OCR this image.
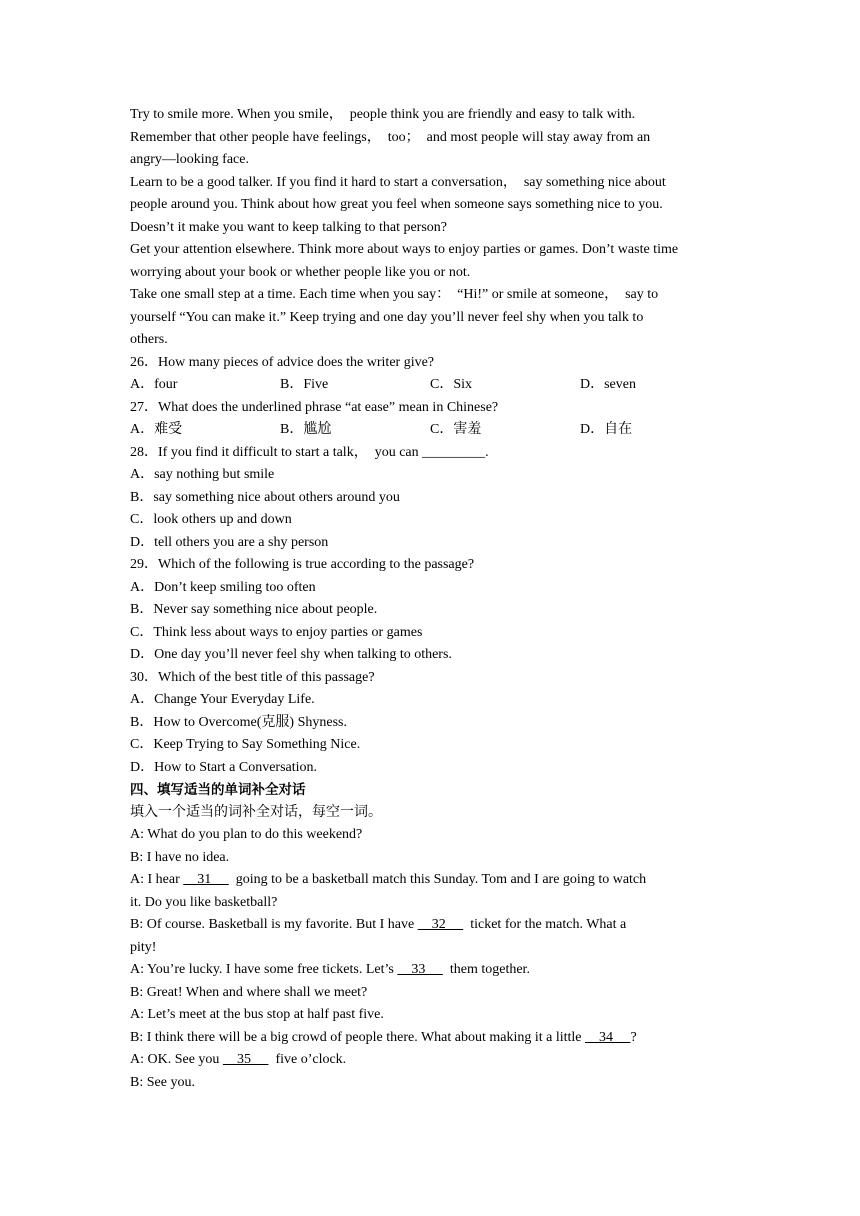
Try to smile more. When you smile，  people think you are friendly and easy to talk with.
Remember that other people have feelings，  too；  and most people will stay away from an
angry—looking face.
Learn to be a good talker. If you find it hard to start a conversation，  say something nice about
people around you. Think about how great you feel when someone says something nice to you.
Doesn’t it make you want to keep talking to that person?
Get your attention elsewhere. Think more about ways to enjoy parties or games. Don’t waste time
worrying about your book or whether people like you or not.
Take one small step at a time. Each time when you say：  “Hi!” or smile at someone，  say to
yourself “You can make it.” Keep trying and one day you’ll never feel shy when you talk to
others.
26．How many pieces of advice does the writer give?
A．four	B．Five	C．Six	D．seven
27．What does the underlined phrase “at ease” mean in Chinese?
A．难受	B．尴尬	C．害羞	D．自在
28．If you find it difficult to start a talk，  you can _________.
A．say nothing but smile
B．say something nice about others around you
C．look others up and down
D．tell others you are a shy person
29．Which of the following is true according to the passage?
A．Don’t keep smiling too often
B．Never say something nice about people.
C．Think less about ways to enjoy parties or games
D．One day you’ll never feel shy when talking to others.
30．Which of the best title of this passage?
A．Change Your Everyday Life.
B．How to Overcome(克服) Shyness.
C．Keep Trying to Say Something Nice.
D．How to Start a Conversation.
四、填写适当的单词补全对话
填入一个适当的词补全对话，每空一词。
A: What do you plan to do this weekend?
B: I have no idea.
A: I hear     31       going to be a basketball match this Sunday. Tom and I are going to watch
it. Do you like basketball?
B: Of course. Basketball is my favorite. But I have     32       ticket for the match. What a
pity!
A: You’re lucky. I have some free tickets. Let’s     33       them together.
B: Great! When and where shall we meet?
A: Let’s meet at the bus stop at half past five.
B: I think there will be a big crowd of people there. What about making it a little     34     ?
A: OK. See you     35       five o’clock.
B: See you.
